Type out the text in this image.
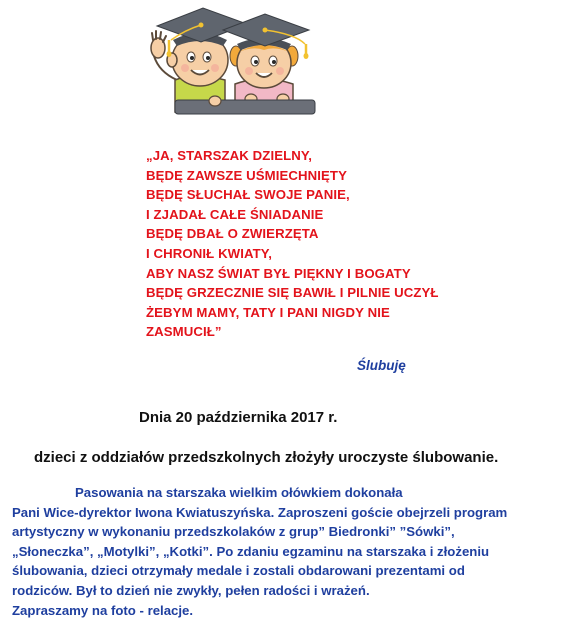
„JA, STARSZAK DZIELNY,
BĘDĘ ZAWSZE UŚMIECHNIĘTY
BĘDĘ SŁUCHAŁ SWOJE PANIE,
I ZJADAŁ CAŁE ŚNIADANIE
BĘDĘ DBAŁ O ZWIERZĘTA
I CHRONIŁ KWIATY,
ABY NASZ ŚWIAT BYŁ PIĘKNY I BOGATY
BĘDĘ GRZECZNIE SIĘ BAWIŁ I PILNIE UCZYŁ
ŻEBYM MAMY, TATY I PANI NIGDY NIE
ZASMUCIŁ”
Ślubuję
Dnia 20 października 2017 r.
dzieci z oddziałów przedszkolnych złożyły uroczyste ślubowanie.
Pasowania na starszaka wielkim ołówkiem dokonała
Pani Wice-dyrektor Iwona Kwiatuszyńska. Zaproszeni goście obejrzeli program
artystyczny w wykonaniu przedszkolaków z grup” Biedronki” ”Sówki”,
„Słoneczka”, „Motylki”, „Kotki”. Po zdaniu egzaminu na starszaka i złożeniu
ślubowania, dzieci otrzymały medale i zostali obdarowani prezentami od
rodziców. Był to dzień nie zwykły, pełen radości i wrażeń.
Zapraszamy na foto - relacje.
